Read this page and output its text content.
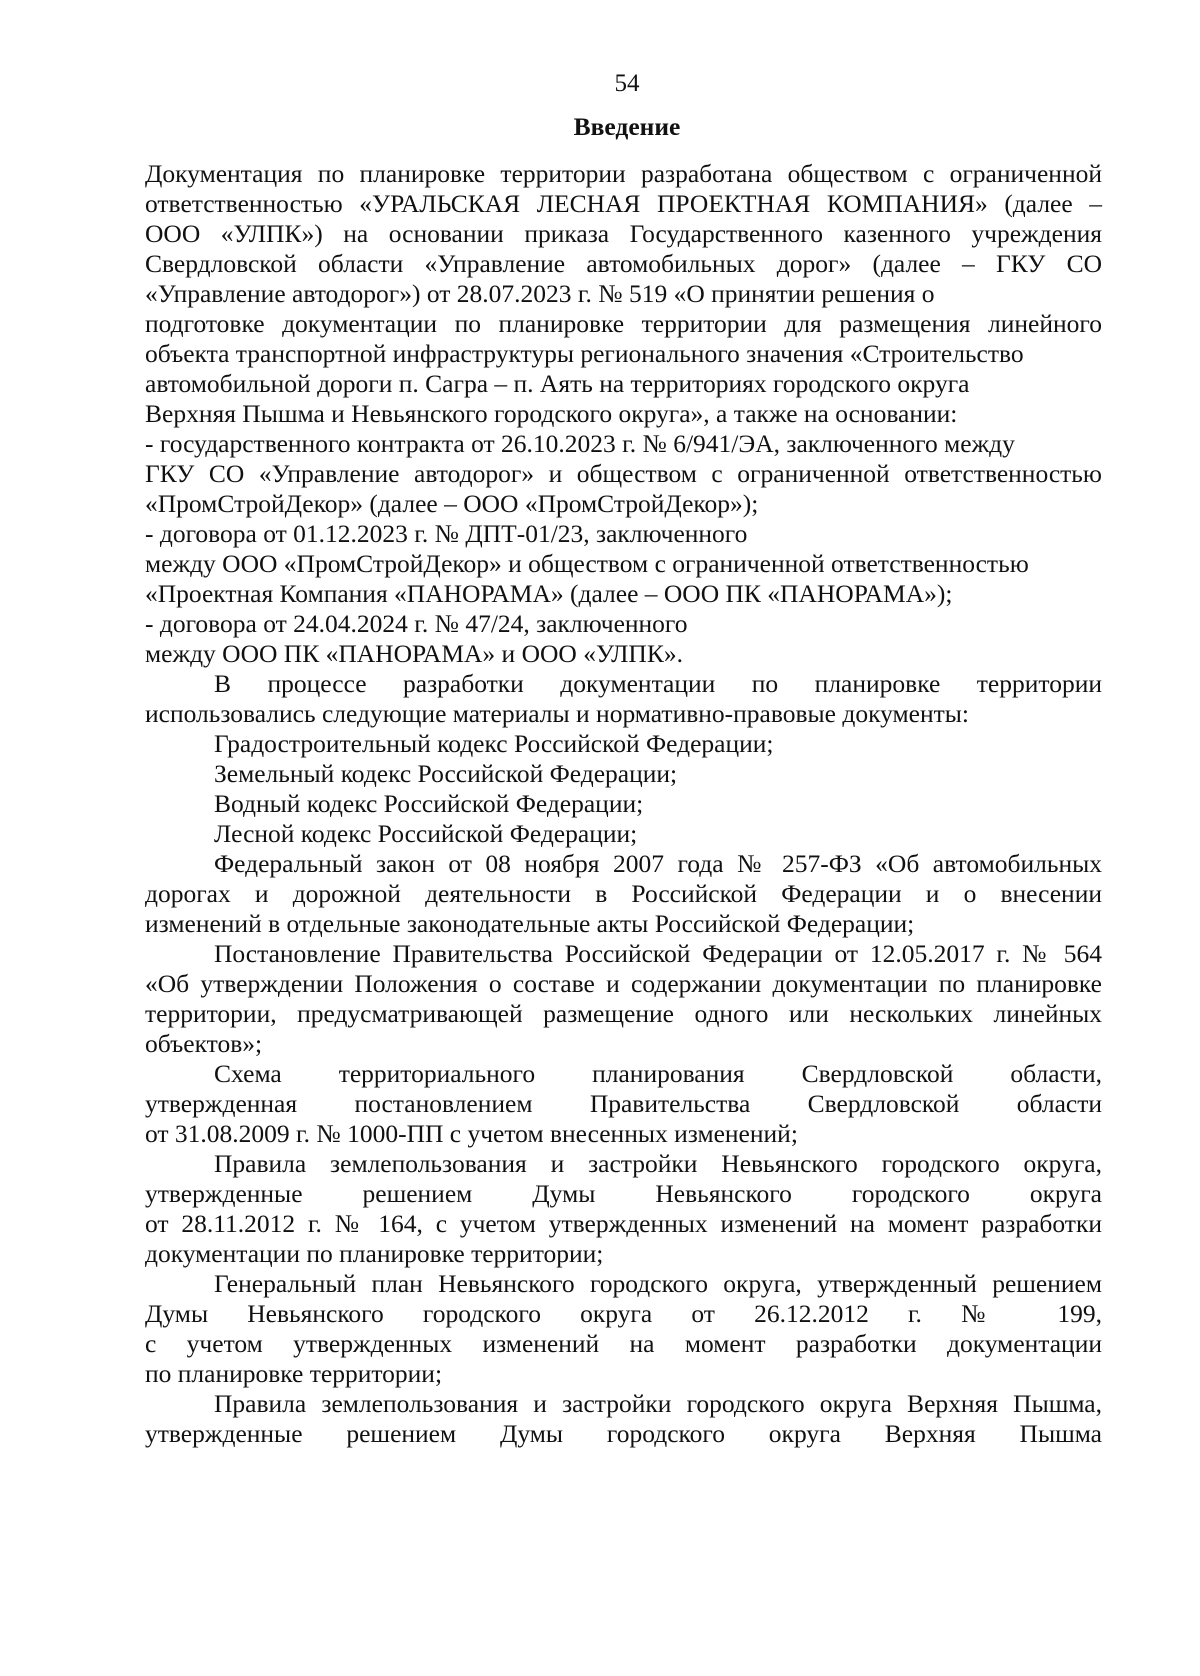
54
Введение
Документация по планировке территории разработана обществом с ограниченной
ответственностью «УРАЛЬСКАЯ ЛЕСНАЯ ПРОЕКТНАЯ КОМПАНИЯ» (далее –
ООО «УЛПК») на основании приказа Государственного казенного учреждения
Свердловской области «Управление автомобильных дорог» (далее – ГКУ СО
«Управление автодорог») от 28.07.2023 г. № 519 «О принятии решения о
подготовке документации по планировке территории для размещения линейного
объекта транспортной инфраструктуры регионального значения «Строительство
автомобильной дороги п. Сагра – п. Аять на территориях городского округа
Верхняя Пышма и Невьянского городского округа», а также на основании:
- государственного контракта от 26.10.2023 г. № 6/941/ЭА, заключенного между
ГКУ СО «Управление автодорог» и обществом с ограниченной ответственностью
«ПромСтройДекор» (далее – ООО «ПромСтройДекор»);
- договора от 01.12.2023 г. № ДПТ-01/23, заключенного
между ООО «ПромСтройДекор» и обществом с ограниченной ответственностью
«Проектная Компания «ПАНОРАМА» (далее – ООО ПК «ПАНОРАМА»);
- договора от 24.04.2024 г. № 47/24, заключенного
между ООО ПК «ПАНОРАМА» и ООО «УЛПК».
В процессе разработки документации по планировке территории
использовались следующие материалы и нормативно-правовые документы:
Градостроительный кодекс Российской Федерации;
Земельный кодекс Российской Федерации;
Водный кодекс Российской Федерации;
Лесной кодекс Российской Федерации;
Федеральный закон от 08 ноября 2007 года № 257-ФЗ «Об автомобильных
дорогах и дорожной деятельности в Российской Федерации и о внесении
изменений в отдельные законодательные акты Российской Федерации;
Постановление Правительства Российской Федерации от 12.05.2017 г. № 564
«Об утверждении Положения о составе и содержании документации по планировке
территории, предусматривающей размещение одного или нескольких линейных
объектов»;
Схема территориального планирования Свердловской области,
утвержденная постановлением Правительства Свердловской области
от 31.08.2009 г. № 1000-ПП с учетом внесенных изменений;
Правила землепользования и застройки Невьянского городского округа,
утвержденные решением Думы Невьянского городского округа
от 28.11.2012 г. № 164, с учетом утвержденных изменений на момент разработки
документации по планировке территории;
Генеральный план Невьянского городского округа, утвержденный решением
Думы Невьянского городского округа от 26.12.2012 г. № 199,
с учетом утвержденных изменений на момент разработки документации
по планировке территории;
Правила землепользования и застройки городского округа Верхняя Пышма,
утвержденные решением Думы городского округа Верхняя Пышма
